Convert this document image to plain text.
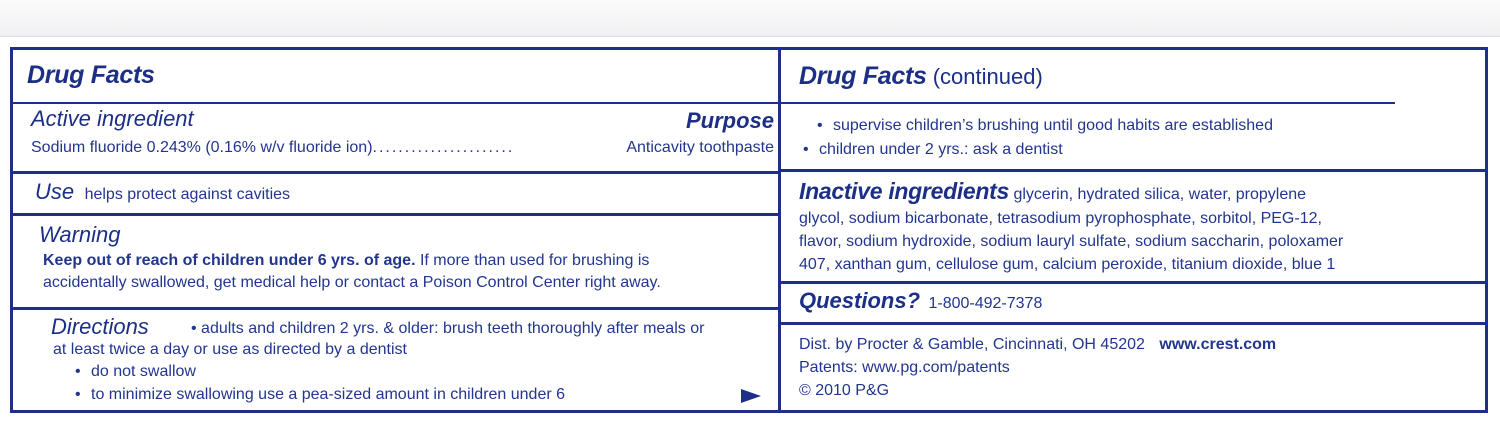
Drug Facts
Active ingredient	Purpose
Sodium fluoride 0.243% (0.16% w/v fluoride ion)......................	Anticavity toothpaste
Use helps protect against cavities
Warning
Keep out of reach of children under 6 yrs. of age. If more than used for brushing is
accidentally swallowed, get medical help or contact a Poison Control Center right away.
Directions	• adults and children 2 yrs. & older: brush teeth thoroughly after meals or
at least twice a day or use as directed by a dentist
• do not swallow
• to minimize swallowing use a pea-sized amount in children under 6
Drug Facts (continued)
• supervise children’s brushing until good habits are established
• children under 2 yrs.: ask a dentist
Inactive ingredients glycerin, hydrated silica, water, propylene
glycol, sodium bicarbonate, tetrasodium pyrophosphate, sorbitol, PEG-12,
flavor, sodium hydroxide, sodium lauryl sulfate, sodium saccharin, poloxamer
407, xanthan gum, cellulose gum, calcium peroxide, titanium dioxide, blue 1
Questions? 1-800-492-7378
Dist. by Procter & Gamble, Cincinnati, OH 45202 www.crest.com
Patents: www.pg.com/patents
© 2010 P&G
